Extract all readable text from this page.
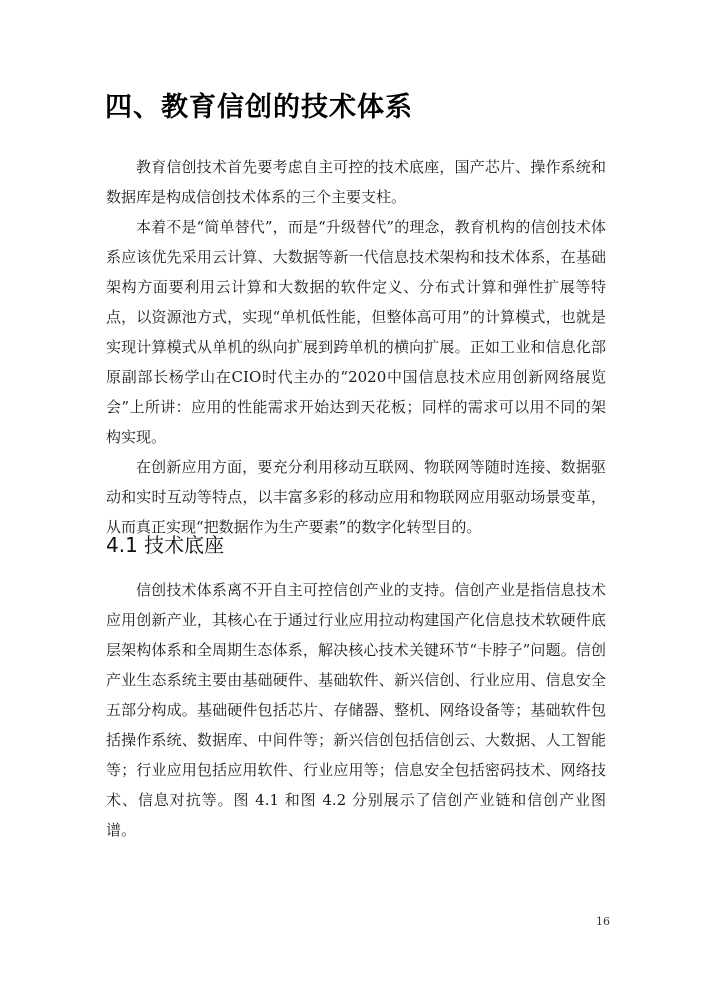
四、教育信创的技术体系

教育信创技术首先要考虑自主可控的技术底座，国产芯片、操作系统和数据库是构成信创技术体系的三个主要支柱。

本着不是“简单替代”，而是“升级替代”的理念，教育机构的信创技术体系应该优先采用云计算、大数据等新一代信息技术架构和技术体系，在基础架构方面要利用云计算和大数据的软件定义、分布式计算和弹性扩展等特点，以资源池方式，实现“单机低性能，但整体高可用”的计算模式，也就是实现计算模式从单机的纵向扩展到跨单机的横向扩展。正如工业和信息化部原副部长杨学山在CIO时代主办的“2020中国信息技术应用创新网络展览会”上所讲：应用的性能需求开始达到天花板；同样的需求可以用不同的架构实现。

在创新应用方面，要充分利用移动互联网、物联网等随时连接、数据驱动和实时互动等特点，以丰富多彩的移动应用和物联网应用驱动场景变革，从而真正实现“把数据作为生产要素”的数字化转型目的。

4.1 技术底座

信创技术体系离不开自主可控信创产业的支持。信创产业是指信息技术应用创新产业，其核心在于通过行业应用拉动构建国产化信息技术软硬件底层架构体系和全周期生态体系，解决核心技术关键环节“卡脖子”问题。信创产业生态系统主要由基础硬件、基础软件、新兴信创、行业应用、信息安全五部分构成。基础硬件包括芯片、存储器、整机、网络设备等；基础软件包括操作系统、数据库、中间件等；新兴信创包括信创云、大数据、人工智能等；行业应用包括应用软件、行业应用等；信息安全包括密码技术、网络技术、信息对抗等。图 4.1 和图 4.2 分别展示了信创产业链和信创产业图谱。

16
